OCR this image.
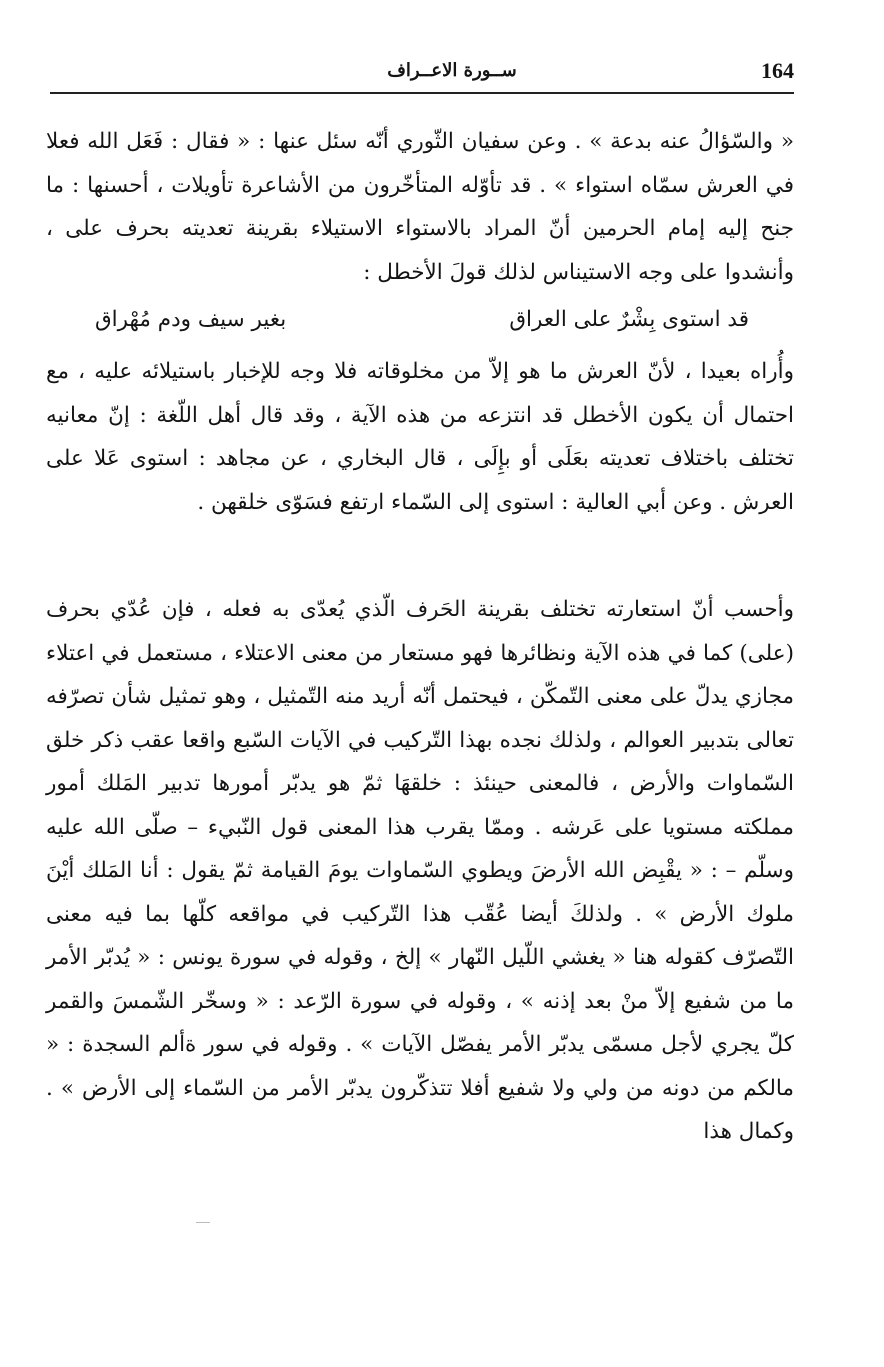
164
ســورة الاعــراف

« والسّؤالُ عنه بدعة » . وعن سفيان الثّوري أنّه سئل عنها : « فقال : فَعَل الله فعلا في العرش سمّاه استواء » . قد تأوّله المتأخّرون من الأشاعرة تأويلات ، أحسنها : ما جنح إليه إمام الحرمين أنّ المراد بالاستواء الاستيلاء بقرينة تعديته بحرف على ، وأنشدوا على وجه الاستيناس لذلك قولَ الأخطل :

قد استوى بِشْرٌ على العراق
بغير سيف ودم مُهْراق

وأُراه بعيدا ، لأنّ العرش ما هو إلاّ من مخلوقاته فلا وجه للإخبار باستيلائه عليه ، مع احتمال أن يكون الأخطل قد انتزعه من هذه الآية ، وقد قال أهل اللّغة : إنّ معانيه تختلف باختلاف تعديته بعَلَى أو بإِلَى ، قال البخاري ، عن مجاهد : استوى عَلا على العرش . وعن أبي العالية : استوى إلى السّماء ارتفع فسَوّى خلقهن .

وأحسب أنّ استعارته تختلف بقرينة الحَرف الّذي يُعدّى به فعله ، فإن عُدّي بحرف (على) كما في هذه الآية ونظائرها فهو مستعار من معنى الاعتلاء ، مستعمل في اعتلاء مجازي يدلّ على معنى التّمكّن ، فيحتمل أنّه أريد منه التّمثيل ، وهو تمثيل شأن تصرّفه تعالى بتدبير العوالم ، ولذلك نجده بهذا التّركيب في الآيات السّبع واقعا عقب ذكر خلق السّماوات والأرض ، فالمعنى حينئذ : خلقهَا ثمّ هو يدبّر أمورها تدبير المَلك أمور مملكته مستويا على عَرشه . وممّا يقرب هذا المعنى قول النّبيء – صلّى الله عليه وسلّم – : « يقْبِض الله الأرضَ ويطوي السّماوات يومَ القيامة ثمّ يقول : أنا المَلك أيْنَ ملوك الأرض » . ولذلكَ أيضا عُقّب هذا التّركيب في مواقعه كلّها بما فيه معنى التّصرّف كقوله هنا « يغشي اللّيل النّهار » إلخ ، وقوله في سورة يونس : « يُدبّر الأمر ما من شفيع إلاّ منْ بعد إذنه » ، وقوله في سورة الرّعد : « وسخّر الشّمسَ والقمر كلّ يجري لأجل مسمّى يدبّر الأمر يفصّل الآيات » . وقوله في سور ةألم السجدة : « مالكم من دونه من ولي ولا شفيع أفلا تتذكّرون يدبّر الأمر من السّماء إلى الأرض » . وكمال هذا
